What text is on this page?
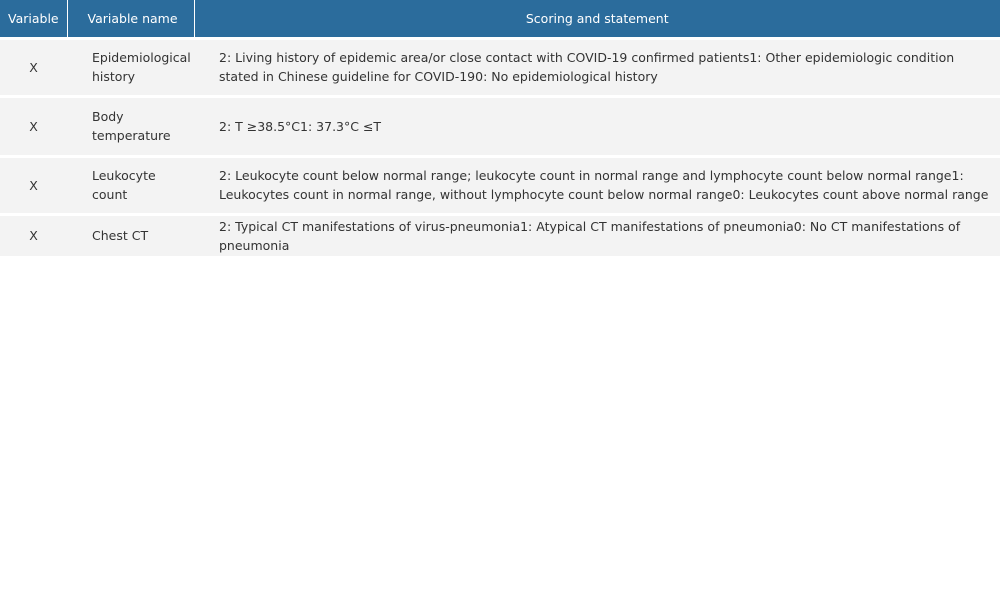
Variable	Variable name	Scoring and statement
X	Epidemiological history	2: Living history of epidemic area/or close contact with COVID-19 confirmed patients1: Other epidemiologic condition stated in Chinese guideline for COVID-190: No epidemiological history
X	Body temperature	2: T ≥38.5°C1: 37.3°C ≤T
X	Leukocyte count	2: Leukocyte count below normal range; leukocyte count in normal range and lymphocyte count below normal range1: Leukocytes count in normal range, without lymphocyte count below normal range0: Leukocytes count above normal range
X	Chest CT	2: Typical CT manifestations of virus-pneumonia1: Atypical CT manifestations of pneumonia0: No CT manifestations of pneumonia
